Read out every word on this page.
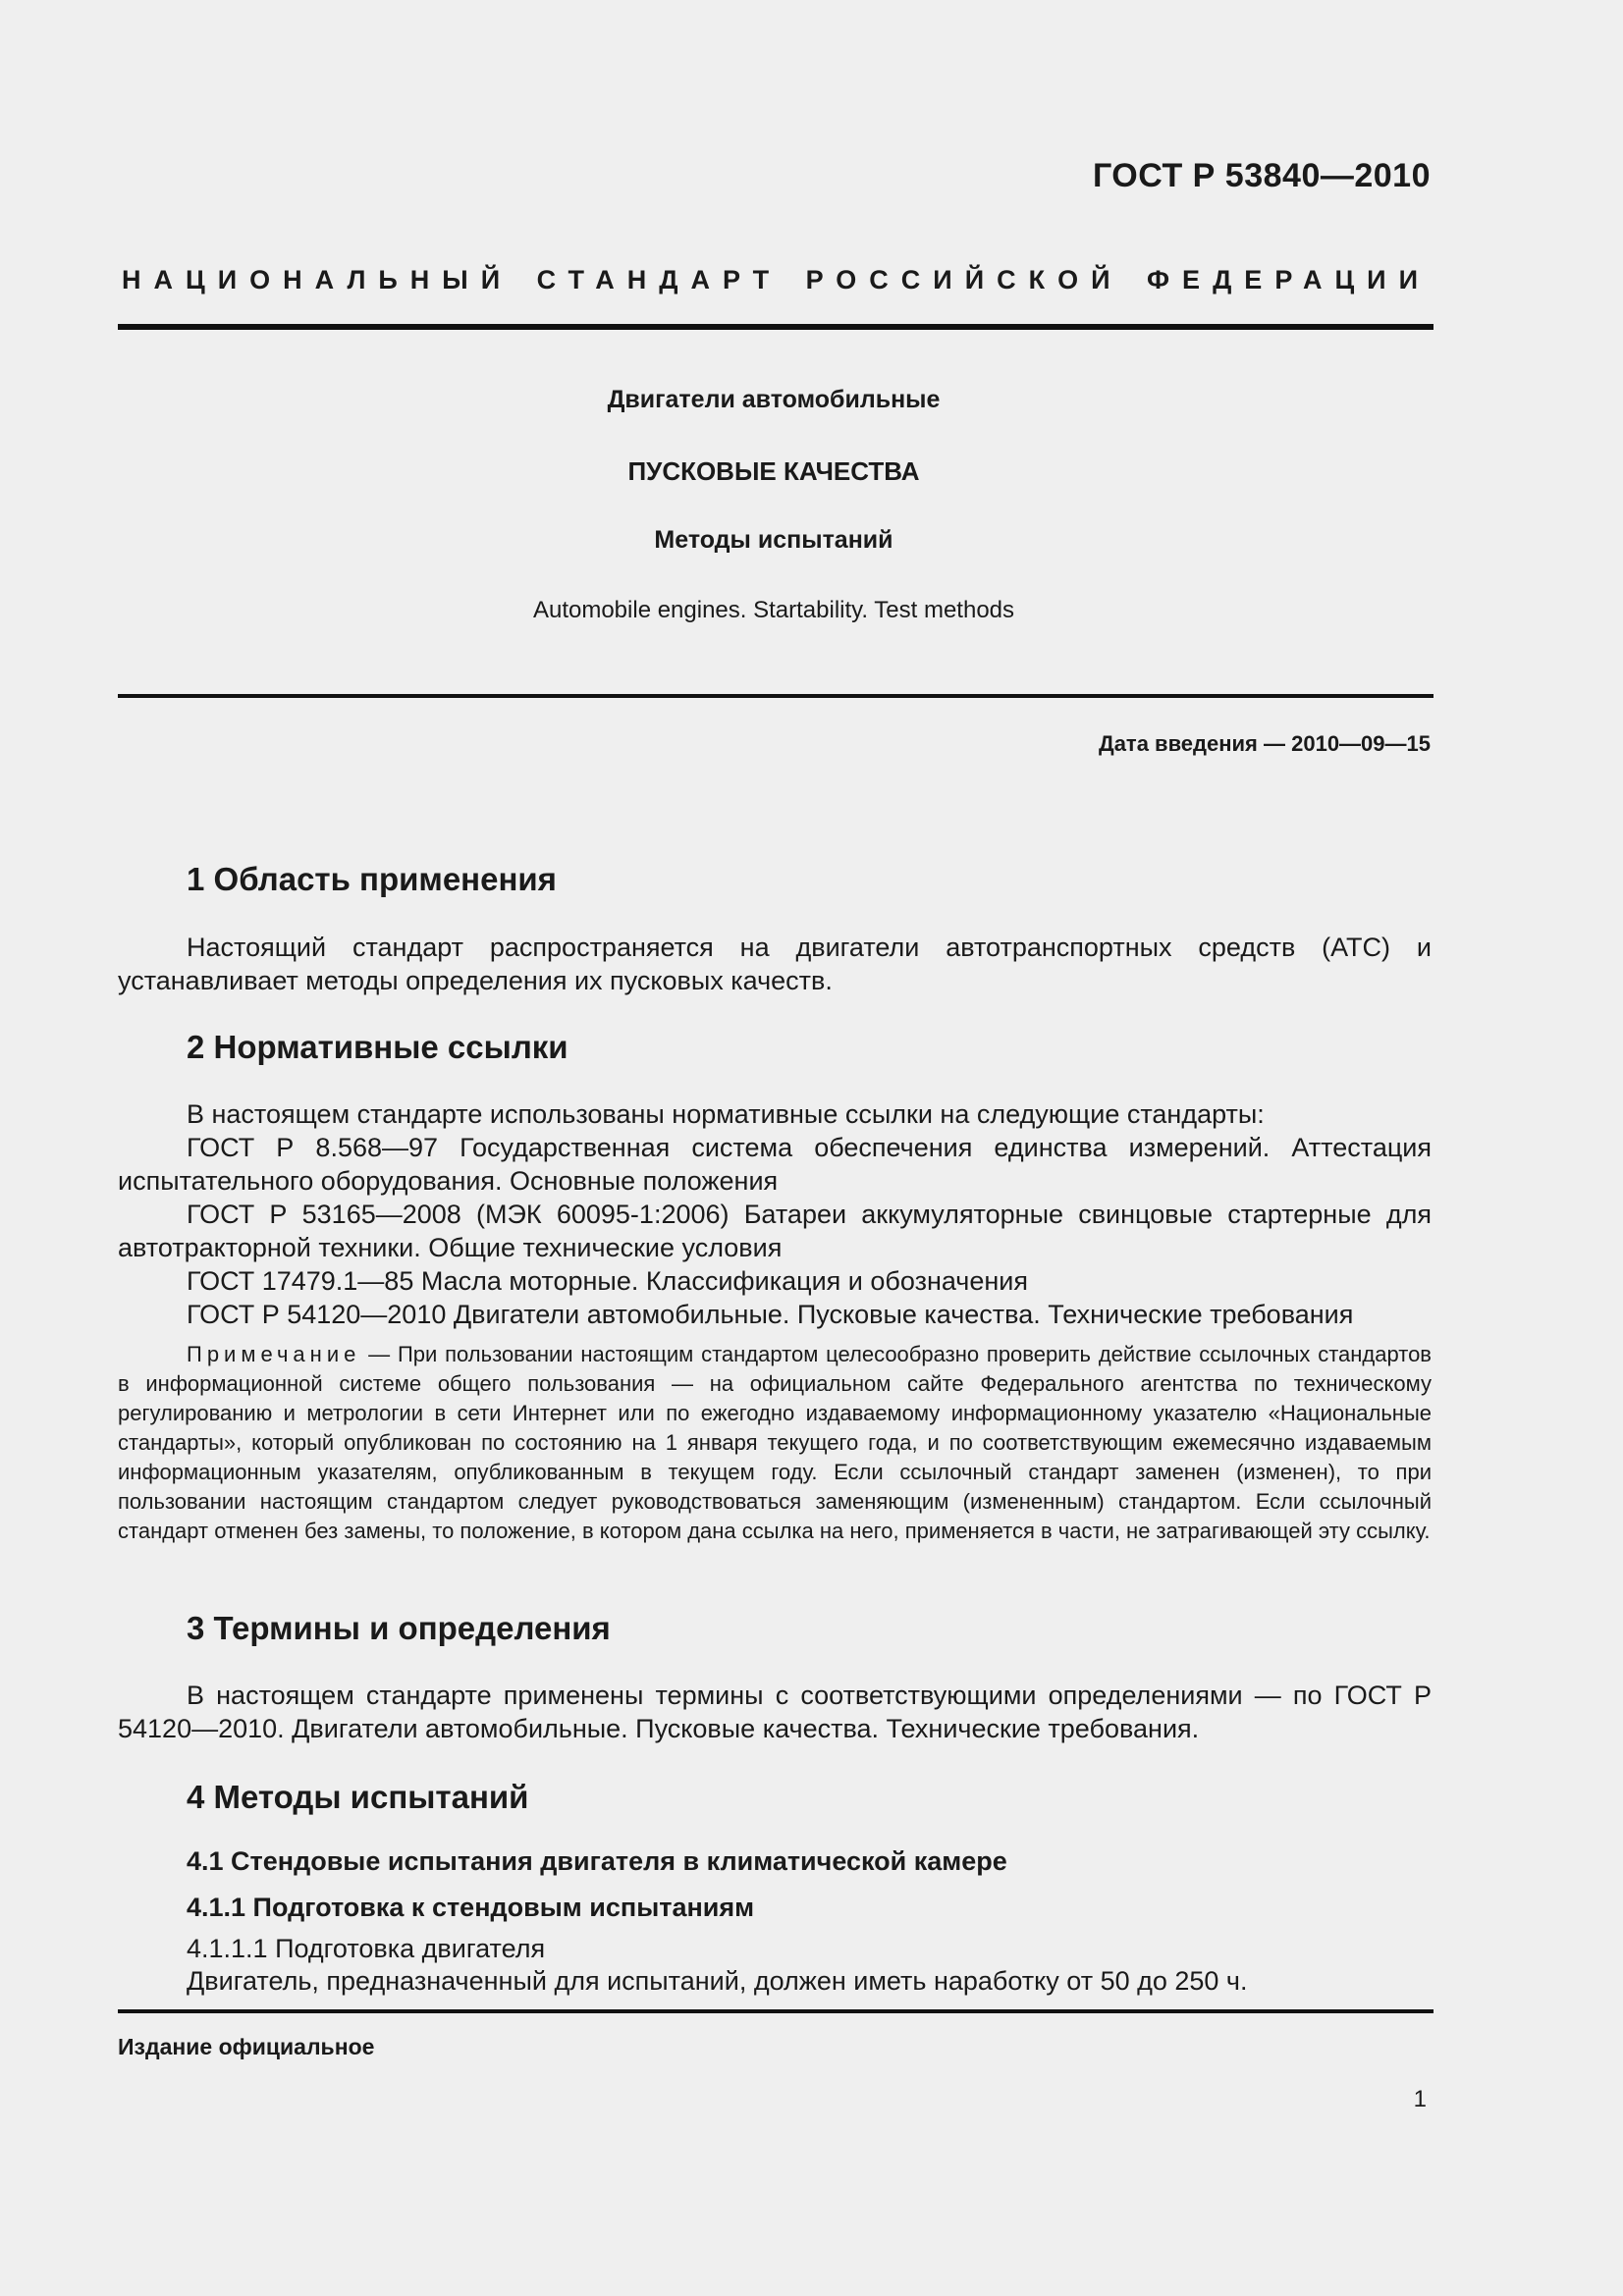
ГОСТ Р 53840—2010
НАЦИОНАЛЬНЫЙ СТАНДАРТ РОССИЙСКОЙ ФЕДЕРАЦИИ
Двигатели автомобильные
ПУСКОВЫЕ КАЧЕСТВА
Методы испытаний
Automobile engines. Startability. Test methods
Дата введения — 2010—09—15
1 Область применения

Настоящий стандарт распространяется на двигатели автотранспортных средств (АТС) и устанавливает методы определения их пусковых качеств.

2 Нормативные ссылки

В настоящем стандарте использованы нормативные ссылки на следующие стандарты:

ГОСТ Р 8.568—97 Государственная система обеспечения единства измерений. Аттестация испытательного оборудования. Основные положения

ГОСТ Р 53165—2008 (МЭК 60095-1:2006) Батареи аккумуляторные свинцовые стартерные для автотракторной техники. Общие технические условия

ГОСТ 17479.1—85 Масла моторные. Классификация и обозначения

ГОСТ Р 54120—2010 Двигатели автомобильные. Пусковые качества. Технические требования

Примечание — При пользовании настоящим стандартом целесообразно проверить действие ссылочных стандартов в информационной системе общего пользования — на официальном сайте Федерального агентства по техническому регулированию и метрологии в сети Интернет или по ежегодно издаваемому информационному указателю «Национальные стандарты», который опубликован по состоянию на 1 января текущего года, и по соответствующим ежемесячно издаваемым информационным указателям, опубликованным в текущем году. Если ссылочный стандарт заменен (изменен), то при пользовании настоящим стандартом следует руководствоваться заменяющим (измененным) стандартом. Если ссылочный стандарт отменен без замены, то положение, в котором дана ссылка на него, применяется в части, не затрагивающей эту ссылку.
3 Термины и определения

В настоящем стандарте применены термины с соответствующими определениями — по ГОСТ Р 54120—2010. Двигатели автомобильные. Пусковые качества. Технические требования.

4 Методы испытаний
4.1 Стендовые испытания двигателя в климатической камере
4.1.1 Подготовка к стендовым испытаниям
4.1.1.1 Подготовка двигателя
Двигатель, предназначенный для испытаний, должен иметь наработку от 50 до 250 ч.
Издание официальное
1
